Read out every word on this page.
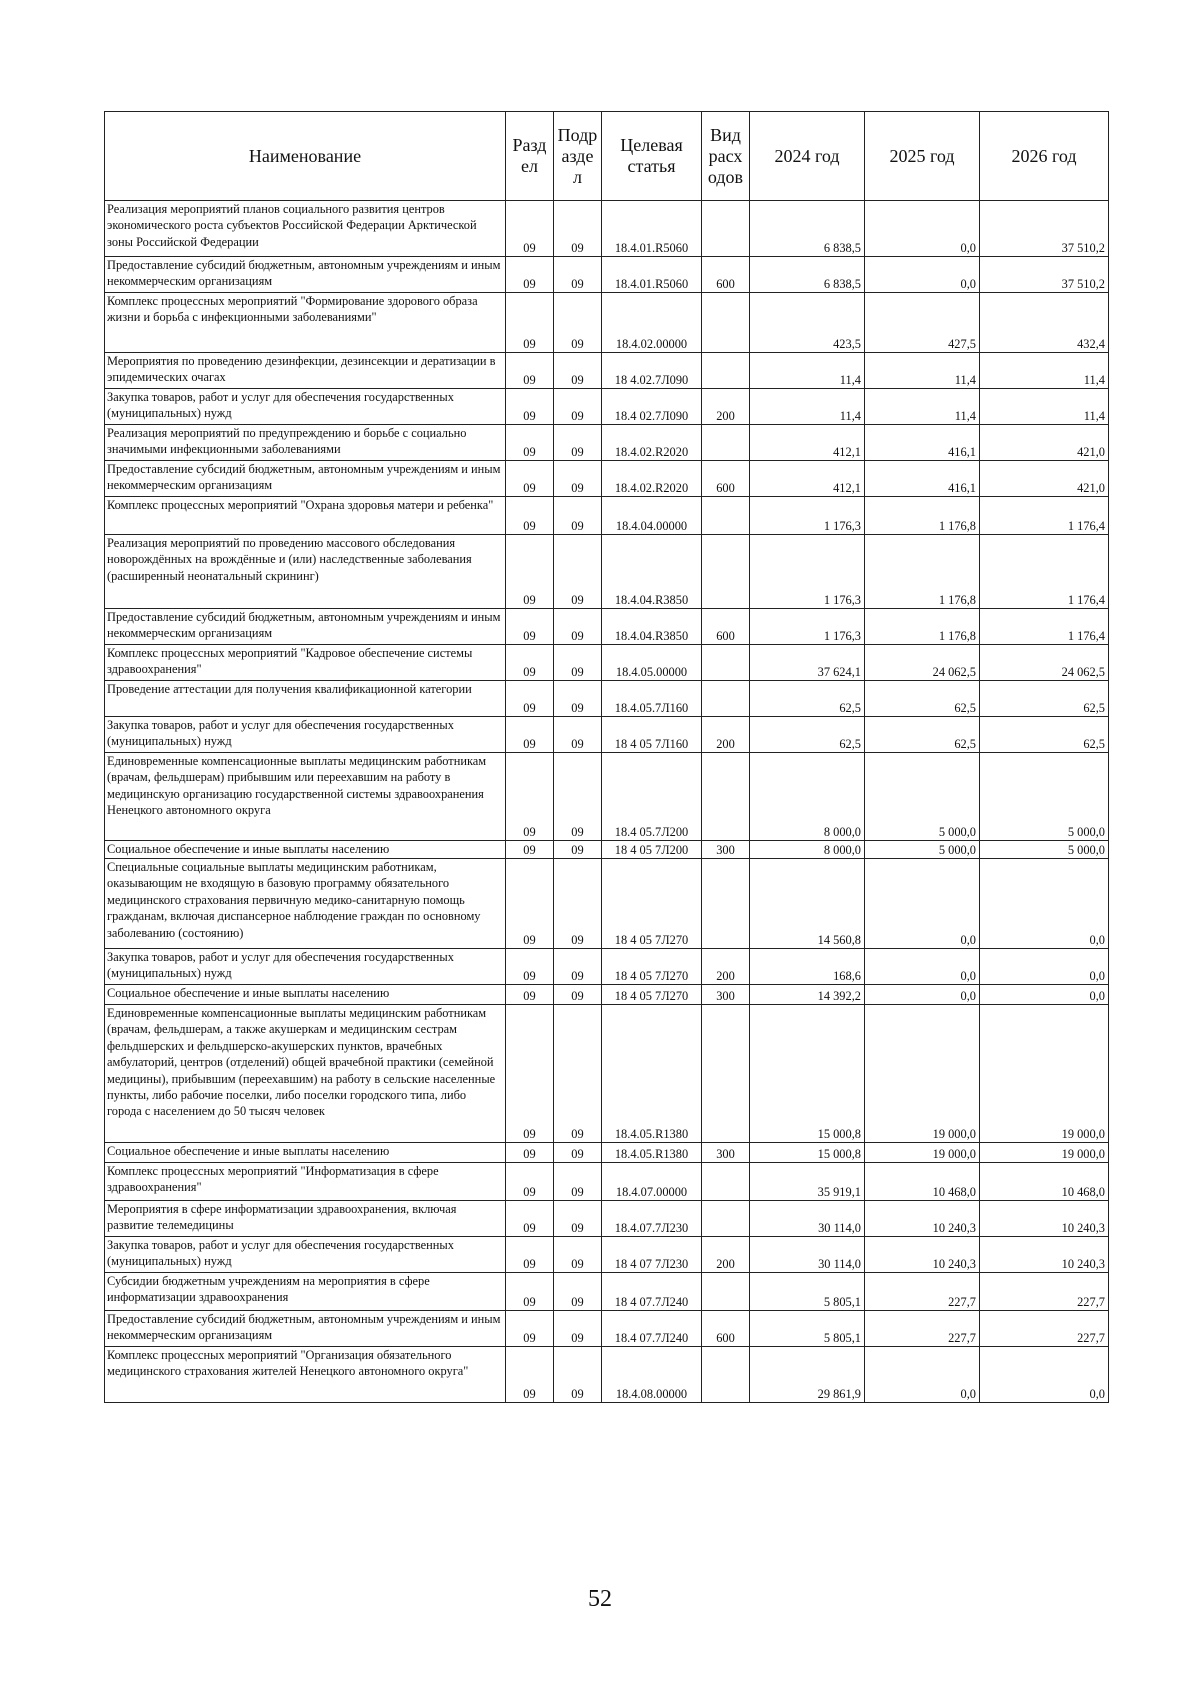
Наименование	Разд ел	Подр азде л	Целевая статья	Вид расх одов	2024 год	2025 год	2026 год
Реализация мероприятий планов социального развития центров экономического роста субъектов Российской Федерации Арктической зоны Российской Федерации	09	09	18.4.01.R5060		6 838,5	0,0	37 510,2
Предоставление субсидий бюджетным, автономным учреждениям и иным некоммерческим организациям	09	09	18.4.01.R5060	600	6 838,5	0,0	37 510,2
Комплекс процессных мероприятий "Формирование здорового образа жизни и борьба с инфекционными заболеваниями"	09	09	18.4.02.00000		423,5	427,5	432,4
Мероприятия по проведению дезинфекции, дезинсекции и дератизации в эпидемических очагах	09	09	18 4.02.7Л090		11,4	11,4	11,4
Закупка товаров, работ и услуг для обеспечения государственных (муниципальных) нужд	09	09	18.4 02.7Л090	200	11,4	11,4	11,4
Реализация мероприятий по предупреждению и борьбе с социально значимыми инфекционными заболеваниями	09	09	18.4.02.R2020		412,1	416,1	421,0
Предоставление субсидий бюджетным, автономным учреждениям и иным некоммерческим организациям	09	09	18.4.02.R2020	600	412,1	416,1	421,0
Комплекс процессных мероприятий "Охрана здоровья матери и ребенка"	09	09	18.4.04.00000		1 176,3	1 176,8	1 176,4
Реализация мероприятий по проведению массового обследования новорождённых на врождённые и (или) наследственные заболевания (расширенный неонатальный скрининг)	09	09	18.4.04.R3850		1 176,3	1 176,8	1 176,4
Предоставление субсидий бюджетным, автономным учреждениям и иным некоммерческим организациям	09	09	18.4.04.R3850	600	1 176,3	1 176,8	1 176,4
Комплекс процессных мероприятий "Кадровое обеспечение системы здравоохранения"	09	09	18.4.05.00000		37 624,1	24 062,5	24 062,5
Проведение аттестации для получения квалификационной категории	09	09	18.4.05.7Л160		62,5	62,5	62,5
Закупка товаров, работ и услуг для обеспечения государственных (муниципальных) нужд	09	09	18 4 05 7Л160	200	62,5	62,5	62,5
Единовременные компенсационные выплаты медицинским работникам (врачам, фельдшерам) прибывшим или переехавшим на работу в медицинскую организацию государственной системы здравоохранения Ненецкого автономного округа	09	09	18.4 05.7Л200		8 000,0	5 000,0	5 000,0
Социальное обеспечение и иные выплаты населению	09	09	18 4 05 7Л200	300	8 000,0	5 000,0	5 000,0
Специальные социальные выплаты медицинским работникам, оказывающим не входящую в базовую программу обязательного медицинского страхования первичную медико-санитарную помощь гражданам, включая диспансерное наблюдение граждан по основному заболеванию (состоянию)	09	09	18 4 05 7Л270		14 560,8	0,0	0,0
Закупка товаров, работ и услуг для обеспечения государственных (муниципальных) нужд	09	09	18 4 05 7Л270	200	168,6	0,0	0,0
Социальное обеспечение и иные выплаты населению	09	09	18 4 05 7Л270	300	14 392,2	0,0	0,0
Единовременные компенсационные выплаты медицинским работникам (врачам, фельдшерам, а также акушеркам и медицинским сестрам фельдшерских и фельдшерско-акушерских пунктов, врачебных амбулаторий, центров (отделений) общей врачебной практики (семейной медицины), прибывшим (переехавшим) на работу в сельские населенные пункты, либо рабочие поселки, либо поселки городского типа, либо города с населением до 50 тысяч человек	09	09	18.4.05.R1380		15 000,8	19 000,0	19 000,0
Социальное обеспечение и иные выплаты населению	09	09	18.4.05.R1380	300	15 000,8	19 000,0	19 000,0
Комплекс процессных мероприятий "Информатизация в сфере здравоохранения"	09	09	18.4.07.00000		35 919,1	10 468,0	10 468,0
Мероприятия в сфере информатизации здравоохранения, включая развитие телемедицины	09	09	18.4.07.7Л230		30 114,0	10 240,3	10 240,3
Закупка товаров, работ и услуг для обеспечения государственных (муниципальных) нужд	09	09	18 4 07 7Л230	200	30 114,0	10 240,3	10 240,3
Субсидии бюджетным учреждениям на мероприятия в сфере информатизации здравоохранения	09	09	18 4 07.7Л240		5 805,1	227,7	227,7
Предоставление субсидий бюджетным, автономным учреждениям и иным некоммерческим организациям	09	09	18.4 07.7Л240	600	5 805,1	227,7	227,7
Комплекс процессных мероприятий "Организация обязательного медицинского страхования жителей Ненецкого автономного округа"	09	09	18.4.08.00000		29 861,9	0,0	0,0
52
